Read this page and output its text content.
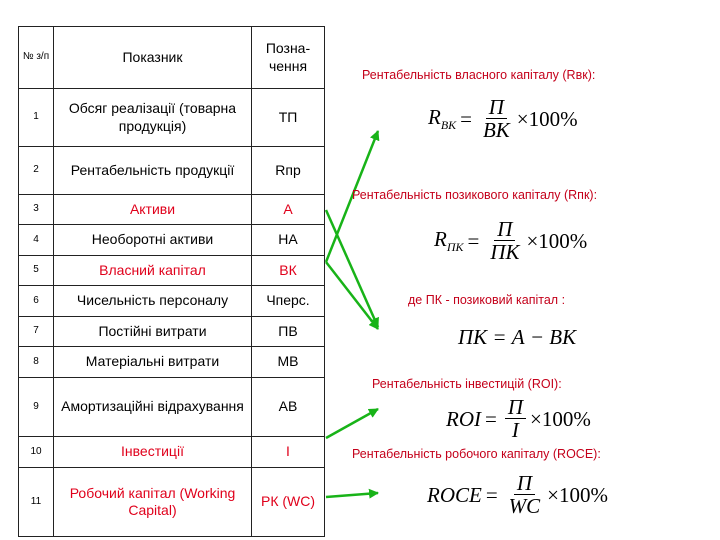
№ з/п	Показник	Позна- чення
1	Обсяг реалізації (товарна продукція)	ТП
2	Рентабельність продукції	Rпр
3	Активи	А
4	Необоротні активи	НА
5	Власний капітал	ВК
6	Чисельність персоналу	Чперс.
7	Постійні витрати	ПВ
8	Матеріальні витрати	МВ
9	Амортизаційні відрахування	АВ
10	Інвестиції	І
11	Робочий капітал (Working Capital)	РК (WC)
Рентабельність власного капіталу (Rвк):
$R_{ВК} = \frac{П}{ВК} \times 100\%$
Рентабельність позикового капіталу (Rпк):
$R_{ПК} = \frac{П}{ПК} \times 100\%$
де ПК - позиковий капітал :
ПК = А − ВК
Рентабельність інвестицій (ROI):
ROI = $\frac{П}{І} \times 100\%$
Рентабельність робочого капіталу (ROCE):
ROCE = $\frac{П}{WC} \times 100\%$
